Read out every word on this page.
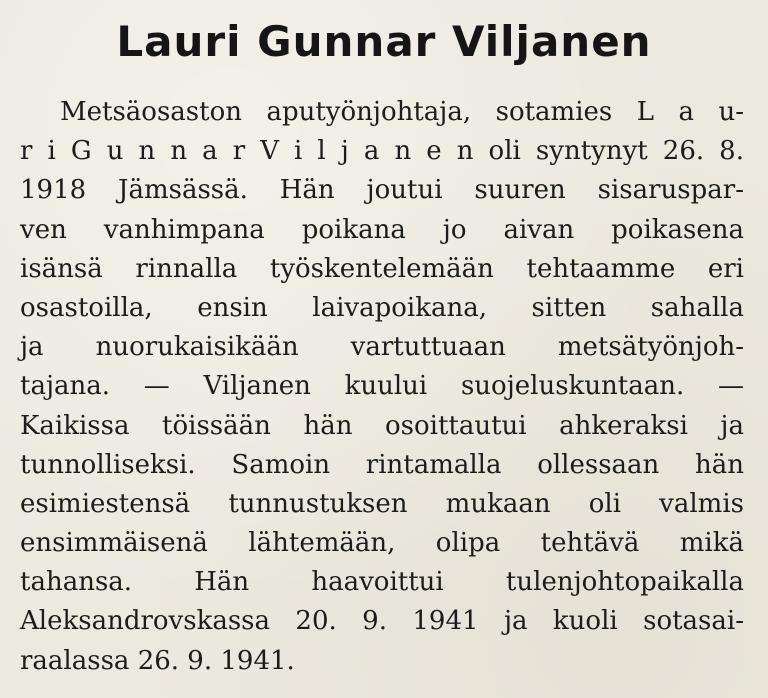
Lauri Gunnar Viljanen
Metsäosaston aputyönjohtaja, sotamies L a u-
r i G u n n a r V i l j a n e n oli syntynyt 26. 8.
1918 Jämsässä. Hän joutui suuren sisaruspar-
ven vanhimpana poikana jo aivan poikasena
isänsä rinnalla työskentelemään tehtaamme eri
osastoilla, ensin laivapoikana, sitten sahalla
ja nuorukaisikään vartuttuaan metsätyönjoh-
tajana. — Viljanen kuului suojeluskuntaan. —
Kaikissa töissään hän osoittautui ahkeraksi ja
tunnolliseksi. Samoin rintamalla ollessaan hän
esimiestensä tunnustuksen mukaan oli valmis
ensimmäisenä lähtemään, olipa tehtävä mikä
tahansa. Hän haavoittui tulenjohtopaikalla
Aleksandrovskassa 20. 9. 1941 ja kuoli sotasai-
raalassa 26. 9. 1941.
